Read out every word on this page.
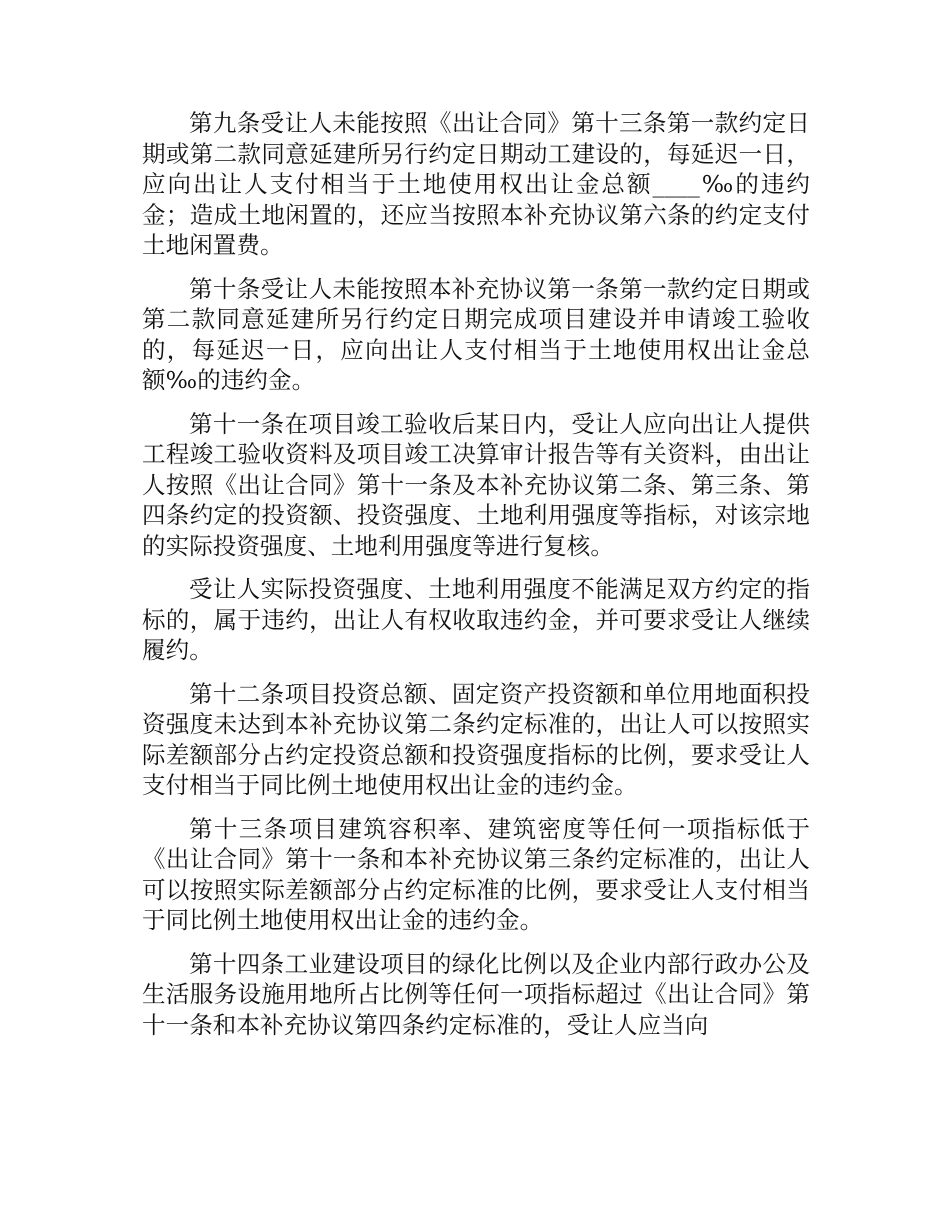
第九条受让人未能按照《出让合同》第十三条第一款约定日期或第二款同意延建所另行约定日期动工建设的，每延迟一日，应向出让人支付相当于土地使用权出让金总额____‰的违约金；造成土地闲置的，还应当按照本补充协议第六条的约定支付土地闲置费。

第十条受让人未能按照本补充协议第一条第一款约定日期或第二款同意延建所另行约定日期完成项目建设并申请竣工验收的，每延迟一日，应向出让人支付相当于土地使用权出让金总额‰的违约金。

第十一条在项目竣工验收后某日内，受让人应向出让人提供工程竣工验收资料及项目竣工决算审计报告等有关资料，由出让人按照《出让合同》第十一条及本补充协议第二条、第三条、第四条约定的投资额、投资强度、土地利用强度等指标，对该宗地的实际投资强度、土地利用强度等进行复核。

受让人实际投资强度、土地利用强度不能满足双方约定的指标的，属于违约，出让人有权收取违约金，并可要求受让人继续履约。

第十二条项目投资总额、固定资产投资额和单位用地面积投资强度未达到本补充协议第二条约定标准的，出让人可以按照实际差额部分占约定投资总额和投资强度指标的比例，要求受让人支付相当于同比例土地使用权出让金的违约金。

第十三条项目建筑容积率、建筑密度等任何一项指标低于《出让合同》第十一条和本补充协议第三条约定标准的，出让人可以按照实际差额部分占约定标准的比例，要求受让人支付相当于同比例土地使用权出让金的违约金。

第十四条工业建设项目的绿化比例以及企业内部行政办公及生活服务设施用地所占比例等任何一项指标超过《出让合同》第十一条和本补充协议第四条约定标准的，受让人应当向
